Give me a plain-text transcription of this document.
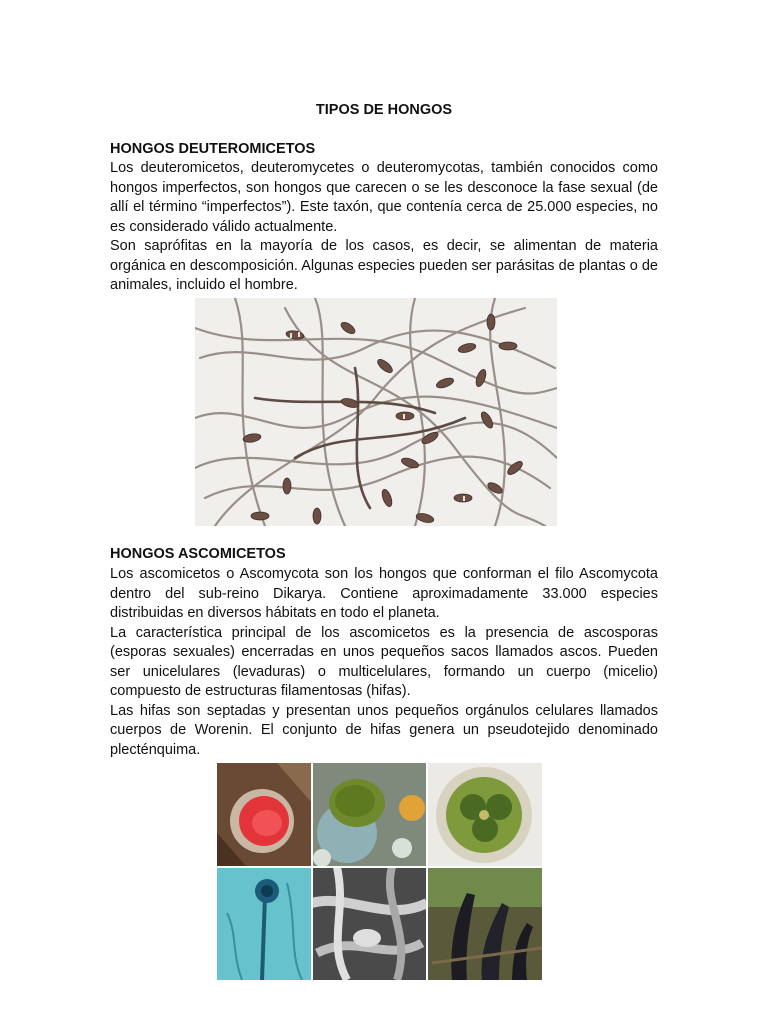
TIPOS DE HONGOS
HONGOS DEUTEROMICETOS

Los deuteromicetos, deuteromycetes o deuteromycotas, también conocidos como hongos imperfectos, son hongos que carecen o se les desconoce la fase sexual (de allí el término “imperfectos”). Este taxón, que contenía cerca de 25.000 especies, no es considerado válido actualmente.

Son saprófitas en la mayoría de los casos, es decir, se alimentan de materia orgánica en descomposición. Algunas especies pueden ser parásitas de plantas o de animales, incluido el hombre.

HONGOS ASCOMICETOS

Los ascomicetos o Ascomycota son los hongos que conforman el filo Ascomycota dentro del sub-reino Dikarya. Contiene aproximadamente 33.000 especies distribuidas en diversos hábitats en todo el planeta.

La característica principal de los ascomicetos es la presencia de ascosporas (esporas sexuales) encerradas en unos pequeños sacos llamados ascos. Pueden ser unicelulares (levaduras) o multicelulares, formando un cuerpo (micelio) compuesto de estructuras filamentosas (hifas).

Las hifas son septadas y presentan unos pequeños orgánulos celulares llamados cuerpos de Worenin. El conjunto de hifas genera un pseudotejido denominado plecténquima.
